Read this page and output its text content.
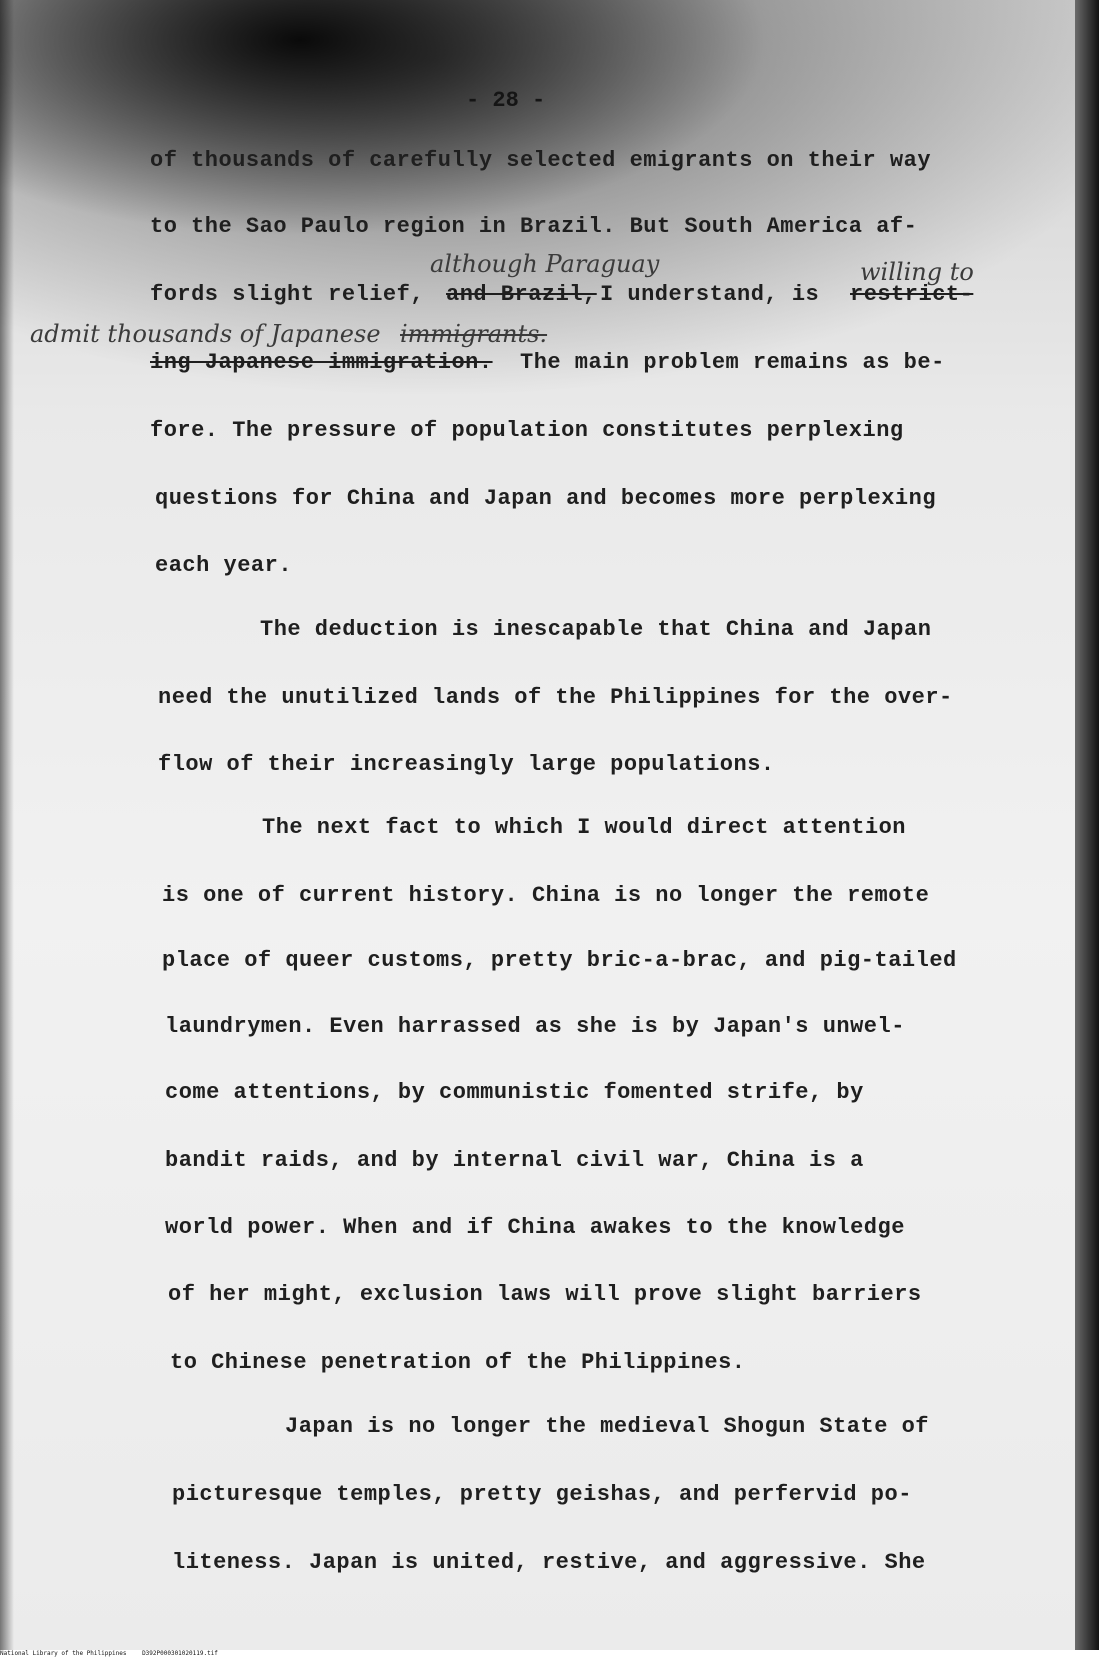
- 28 -
of thousands of carefully selected emigrants on their way
to the Sao Paulo region in Brazil. But South America af-
fords slight relief, and Brazil, I understand, is restrict-
ing Japanese immigration. The main problem remains as be-
fore. The pressure of population constitutes perplexing
questions for China and Japan and becomes more perplexing
each year.
The deduction is inescapable that China and Japan
need the unutilized lands of the Philippines for the over-
flow of their increasingly large populations.
The next fact to which I would direct attention
is one of current history. China is no longer the remote
place of queer customs, pretty bric-a-brac, and pig-tailed
laundrymen. Even harrassed as she is by Japan's unwel-
come attentions, by communistic fomented strife, by
bandit raids, and by internal civil war, China is a
world power. When and if China awakes to the knowledge
of her might, exclusion laws will prove slight barriers
to Chinese penetration of the Philippines.
Japan is no longer the medieval Shogun State of
picturesque temples, pretty geishas, and perfervid po-
liteness. Japan is united, restive, and aggressive. She
although Paraguay	willing to
admit thousands of Japanese immigrants.
National Library of the Philippines	D392P000301020119.tif
